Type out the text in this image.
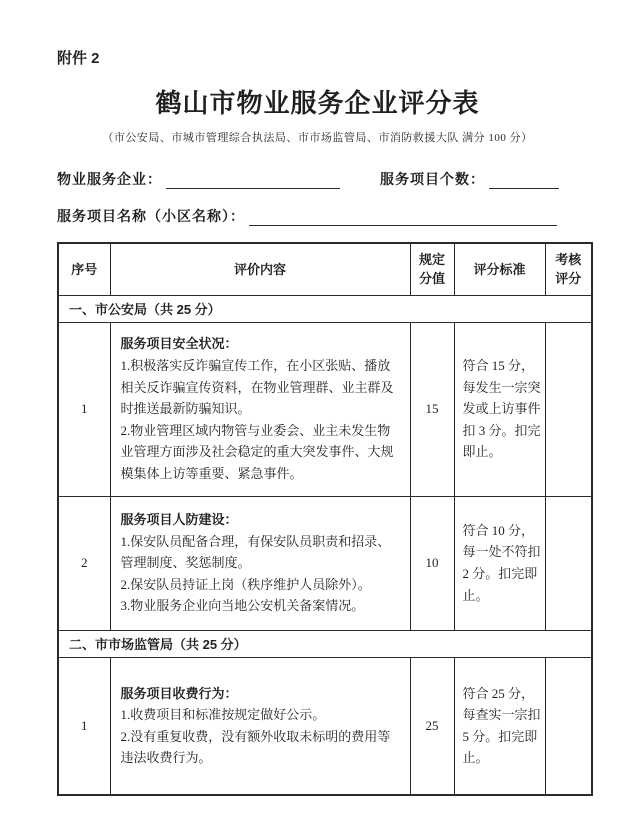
附件 2
鹤山市物业服务企业评分表
（市公安局、市城市管理综合执法局、市市场监管局、市消防救援大队 满分 100 分）
物业服务企业：	服务项目个数：
服务项目名称（小区名称）：
序号	评价内容	规定分值	评分标准	考核评分
一、市公安局（共 25 分）				
1	服务项目安全状况：
1.积极落实反诈骗宣传工作，在小区张贴、播放相关反诈骗宣传资料，在物业管理群、业主群及时推送最新防骗知识。
2.物业管理区域内物管与业委会、业主未发生物业管理方面涉及社会稳定的重大突发事件、大规模集体上访等重要、紧急事件。	15	符合 15 分，每发生一宗突发或上访事件扣 3 分。扣完即止。	
2	服务项目人防建设：
1.保安队员配备合理，有保安队员职责和招录、管理制度、奖惩制度。
2.保安队员持证上岗（秩序维护人员除外）。
3.物业服务企业向当地公安机关备案情况。	10	符合 10 分，每一处不符扣 2 分。扣完即止。	
二、市市场监管局（共 25 分）				
1	服务项目收费行为：
1.收费项目和标准按规定做好公示。
2.没有重复收费，没有额外收取未标明的费用等违法收费行为。	25	符合 25 分，每查实一宗扣 5 分。扣完即止。	
